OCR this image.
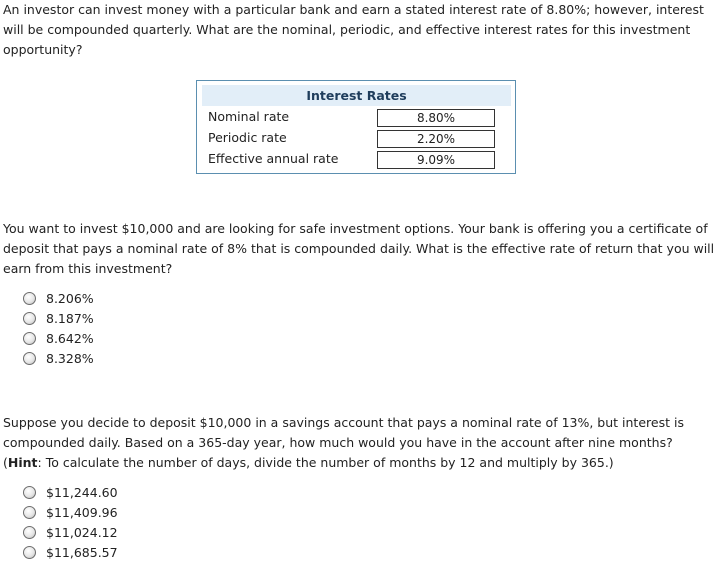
An investor can invest money with a particular bank and earn a stated interest rate of 8.80%; however, interest will be compounded quarterly. What are the nominal, periodic, and effective interest rates for this investment opportunity?

Interest Rates
Nominal rate	8.80%
Periodic rate	2.20%
Effective annual rate	9.09%

You want to invest $10,000 and are looking for safe investment options. Your bank is offering you a certificate of deposit that pays a nominal rate of 8% that is compounded daily. What is the effective rate of return that you will earn from this investment?

8.206%
8.187%
8.642%
8.328%

Suppose you decide to deposit $10,000 in a savings account that pays a nominal rate of 13%, but interest is compounded daily. Based on a 365-day year, how much would you have in the account after nine months? (Hint: To calculate the number of days, divide the number of months by 12 and multiply by 365.)

$11,244.60
$11,409.96
$11,024.12
$11,685.57
